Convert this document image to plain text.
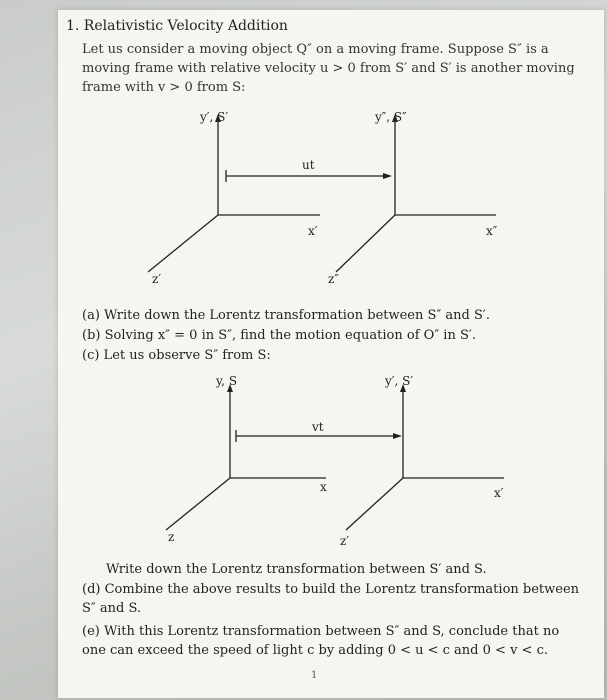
1. Relativistic Velocity Addition
Let us consider a moving object Q″ on a moving frame. Suppose S″ is a moving frame with relative velocity u > 0 from S′ and S′ is another moving frame with v > 0 from S:
y′, S′	y″, S″
ut
x′	x″
z′	z″
(a) Write down the Lorentz transformation between S″ and S′.
(b) Solving x″ = 0 in S″, find the motion equation of O″ in S′.
(c) Let us observe S″ from S:
y, S	y′, S′
vt
x	x′
z	z′
Write down the Lorentz transformation between S′ and S.
(d) Combine the above results to build the Lorentz transformation between S″ and S.
(e) With this Lorentz transformation between S″ and S, conclude that no one can exceed the speed of light c by adding 0 < u < c and 0 < v < c.
1
